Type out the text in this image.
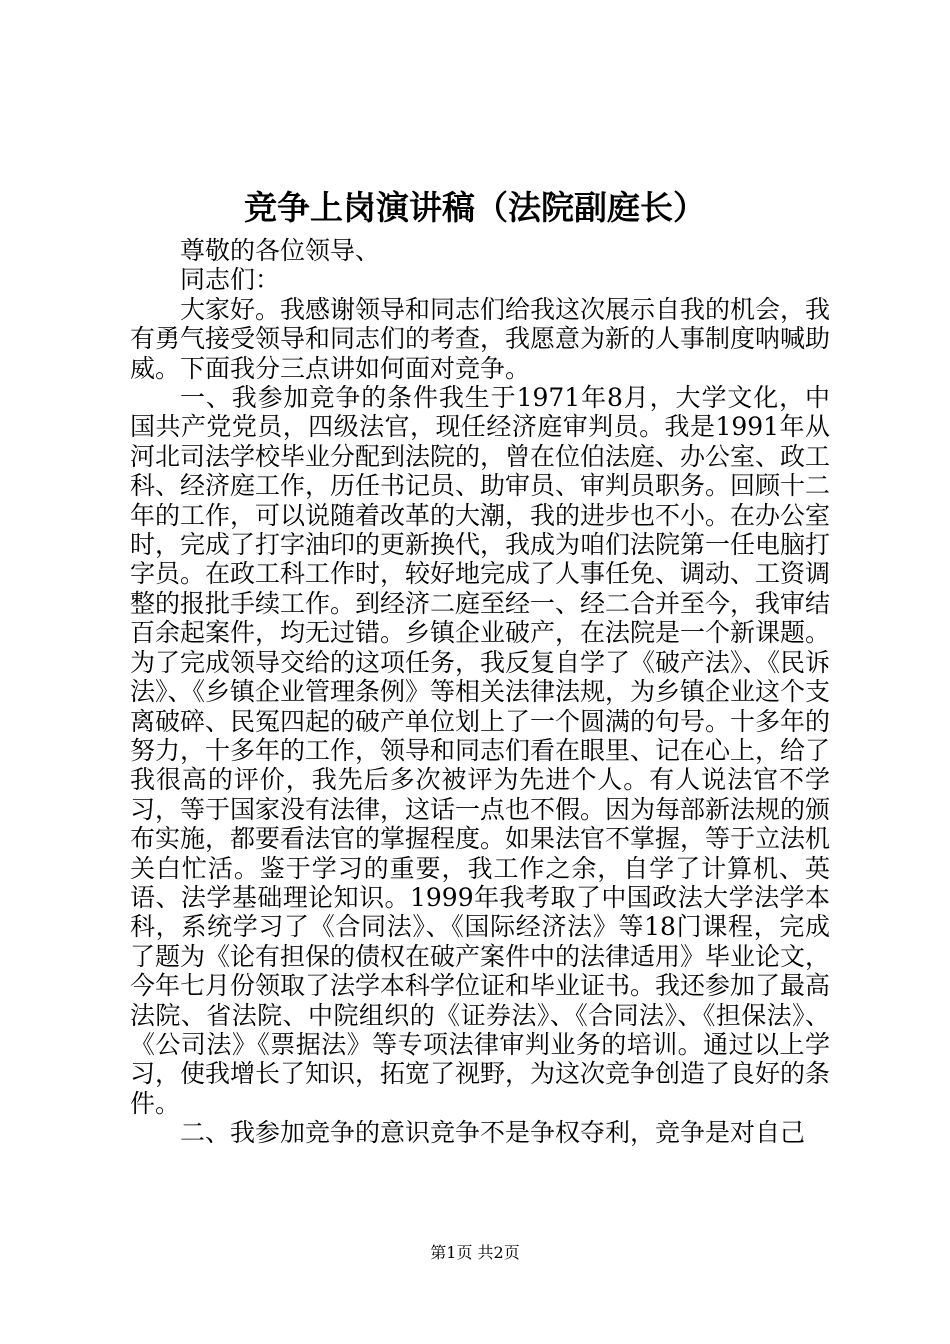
竞争上岗演讲稿（法院副庭长）

尊敬的各位领导、

同志们：

大家好。我感谢领导和同志们给我这次展示自我的机会，我有勇气接受领导和同志们的考查，我愿意为新的人事制度呐喊助威。下面我分三点讲如何面对竞争。

一、我参加竞争的条件我生于1971年8月，大学文化，中国共产党党员，四级法官，现任经济庭审判员。我是1991年从河北司法学校毕业分配到法院的，曾在位伯法庭、办公室、政工科、经济庭工作，历任书记员、助审员、审判员职务。回顾十二年的工作，可以说随着改革的大潮，我的进步也不小。在办公室时，完成了打字油印的更新换代，我成为咱们法院第一任电脑打字员。在政工科工作时，较好地完成了人事任免、调动、工资调整的报批手续工作。到经济二庭至经一、经二合并至今，我审结百余起案件，均无过错。乡镇企业破产，在法院是一个新课题。为了完成领导交给的这项任务，我反复自学了《破产法》、《民诉法》、《乡镇企业管理条例》等相关法律法规，为乡镇企业这个支离破碎、民冤四起的破产单位划上了一个圆满的句号。十多年的努力，十多年的工作，领导和同志们看在眼里、记在心上，给了我很高的评价，我先后多次被评为先进个人。有人说法官不学习，等于国家没有法律，这话一点也不假。因为每部新法规的颁布实施，都要看法官的掌握程度。如果法官不掌握，等于立法机关白忙活。鉴于学习的重要，我工作之余，自学了计算机、英语、法学基础理论知识。1999年我考取了中国政法大学法学本科，系统学习了《合同法》、《国际经济法》等18门课程，完成了题为《论有担保的债权在破产案件中的法律适用》毕业论文，今年七月份领取了法学本科学位证和毕业证书。我还参加了最高法院、省法院、中院组织的《证券法》、《合同法》、《担保法》、《公司法》《票据法》等专项法律审判业务的培训。通过以上学习，使我增长了知识，拓宽了视野，为这次竞争创造了良好的条件。

二、我参加竞争的意识竞争不是争权夺利，竞争是对自己

第1页 共2页
